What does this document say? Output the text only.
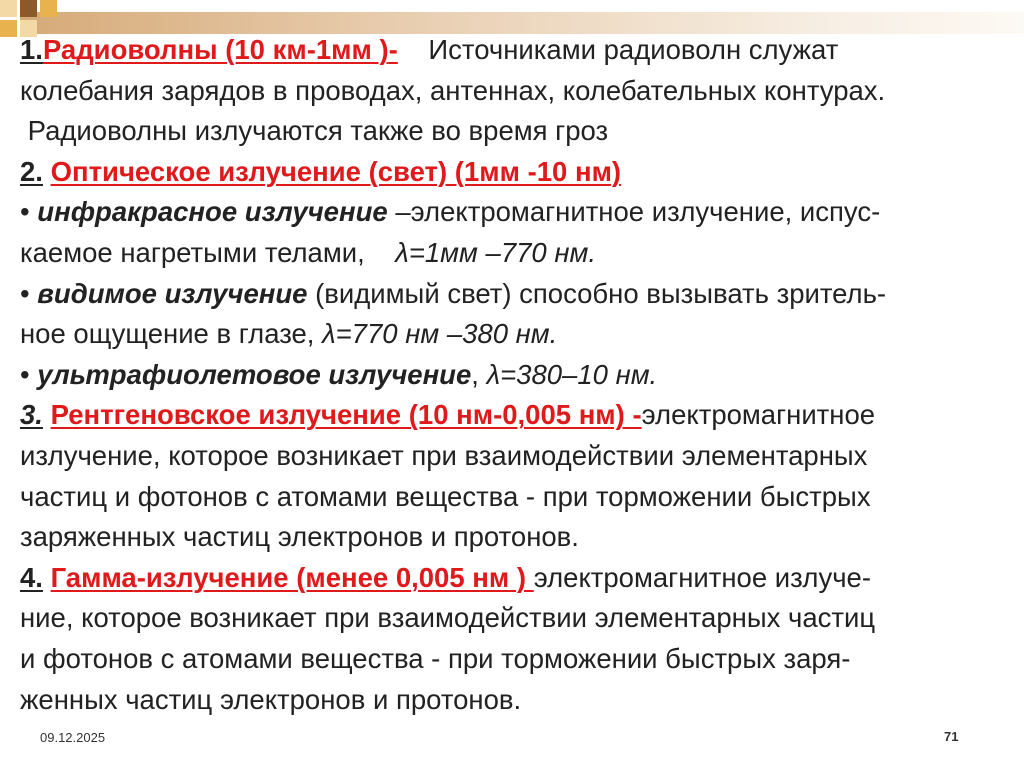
1.Радиоволны (10 км-1мм )- Источниками радиоволн служат

колебания зарядов в проводах, антеннах, колебательных контурах.

Радиоволны излучаются также во время гроз

2. Оптическое излучение (свет) (1мм -10 нм)

• инфракрасное излучение –электромагнитное излучение, испус-

каемое нагретыми телами, λ=1мм –770 нм.

• видимое излучение (видимый свет) способно вызывать зритель-

ное ощущение в глазе, λ=770 нм –380 нм.

• ультрафиолетовое излучение, λ=380–10 нм.

3. Рентгеновское излучение (10 нм-0,005 нм) -электромагнитное

излучение, которое возникает при взаимодействии элементарных

частиц и фотонов с атомами вещества - при торможении быстрых

заряженных частиц электронов и протонов.

4. Гамма-излучение (менее 0,005 нм ) электромагнитное излуче-

ние, которое возникает при взаимодействии элементарных частиц

и фотонов с атомами вещества - при торможении быстрых заря-

женных частиц электронов и протонов.

09.12.2025	71
